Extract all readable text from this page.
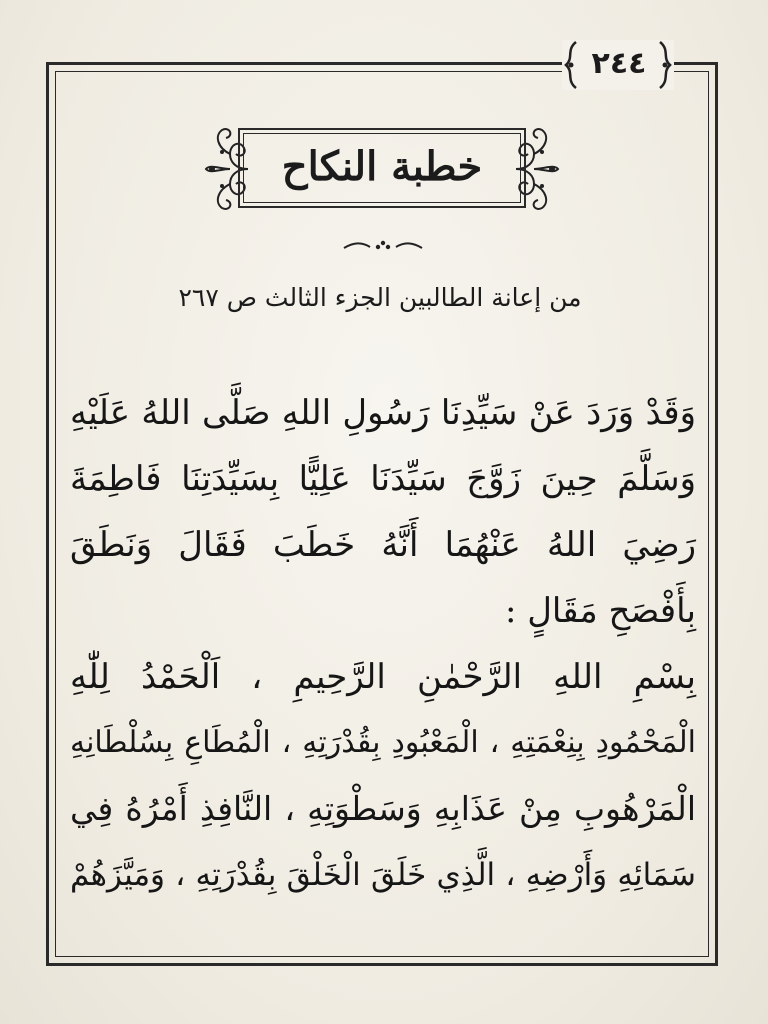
٢٤٤
خطبة النكاح
من إعانة الطالبين الجزء الثالث ص ٢٦٧
وَقَدْ وَرَدَ عَنْ سَيِّدِنَا رَسُولِ اللهِ صَلَّى اللهُ عَلَيْهِ
وَسَلَّمَ حِينَ زَوَّجَ سَيِّدَنَا عَلِيًّا بِسَيِّدَتِنَا فَاطِمَةَ
رَضِيَ اللهُ عَنْهُمَا أَنَّهُ خَطَبَ فَقَالَ وَنَطَقَ
بِأَفْصَحِ مَقَالٍ :
بِسْمِ اللهِ الرَّحْمٰنِ الرَّحِيمِ ، اَلْحَمْدُ لِلّٰهِ
الْمَحْمُودِ بِنِعْمَتِهِ ، الْمَعْبُودِ بِقُدْرَتِهِ ، الْمُطَاعِ بِسُلْطَانِهِ
الْمَرْهُوبِ مِنْ عَذَابِهِ وَسَطْوَتِهِ ، النَّافِذِ أَمْرُهُ فِي
سَمَائِهِ وَأَرْضِهِ ، الَّذِي خَلَقَ الْخَلْقَ بِقُدْرَتِهِ ، وَمَيَّزَهُمْ
